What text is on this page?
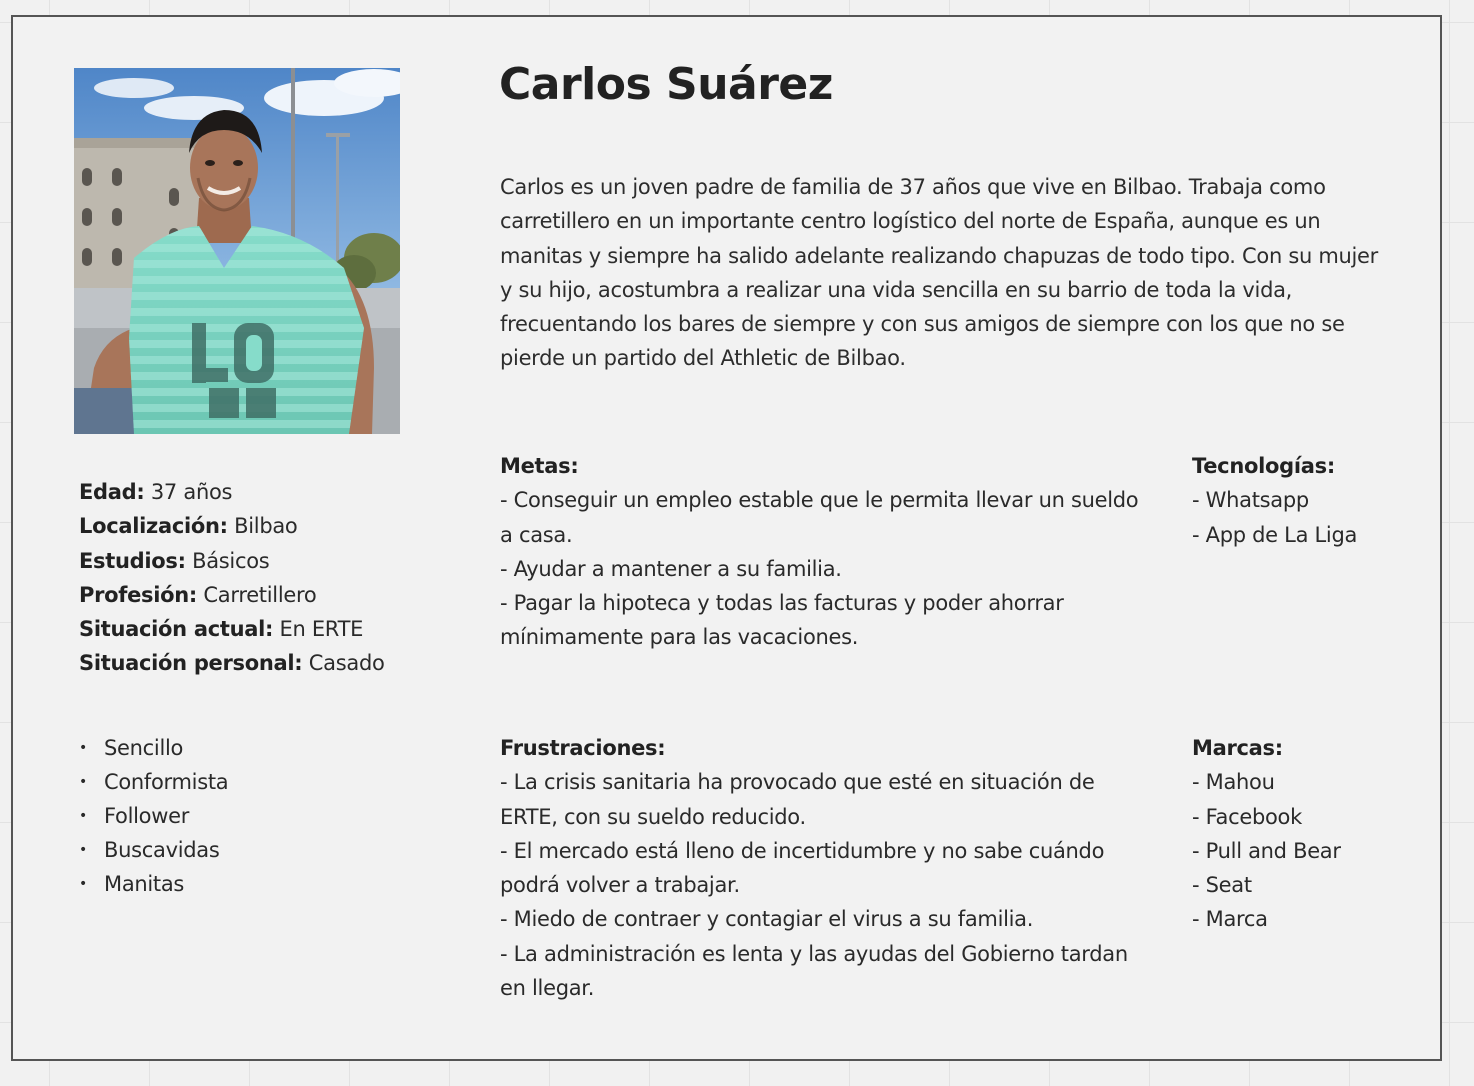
Carlos Suárez

Carlos es un joven padre de familia de 37 años que vive en Bilbao. Trabaja como carretillero en un importante centro logístico del norte de España, aunque es un manitas y siempre ha salido adelante realizando chapuzas de todo tipo. Con su mujer y su hijo, acostumbra a realizar una vida sencilla en su barrio de toda la vida, frecuentando los bares de siempre y con sus amigos de siempre con los que no se pierde un partido del Athletic de Bilbao.

Edad: 37 años
Localización: Bilbao
Estudios: Básicos
Profesión: Carretillero
Situación actual: En ERTE
Situación personal: Casado
• Sencillo
• Conformista
• Follower
• Buscavidas
• Manitas
Metas:
- Conseguir un empleo estable que le permita llevar un sueldo a casa.
- Ayudar a mantener a su familia.
- Pagar la hipoteca y todas las facturas y poder ahorrar mínimamente para las vacaciones.
Frustraciones:
- La crisis sanitaria ha provocado que esté en situación de ERTE, con su sueldo reducido.
- El mercado está lleno de incertidumbre y no sabe cuándo podrá volver a trabajar.
- Miedo de contraer y contagiar el virus a su familia.
- La administración es lenta y las ayudas del Gobierno tardan en llegar.
Tecnologías:
- Whatsapp
- App de La Liga
Marcas:
- Mahou
- Facebook
- Pull and Bear
- Seat
- Marca
